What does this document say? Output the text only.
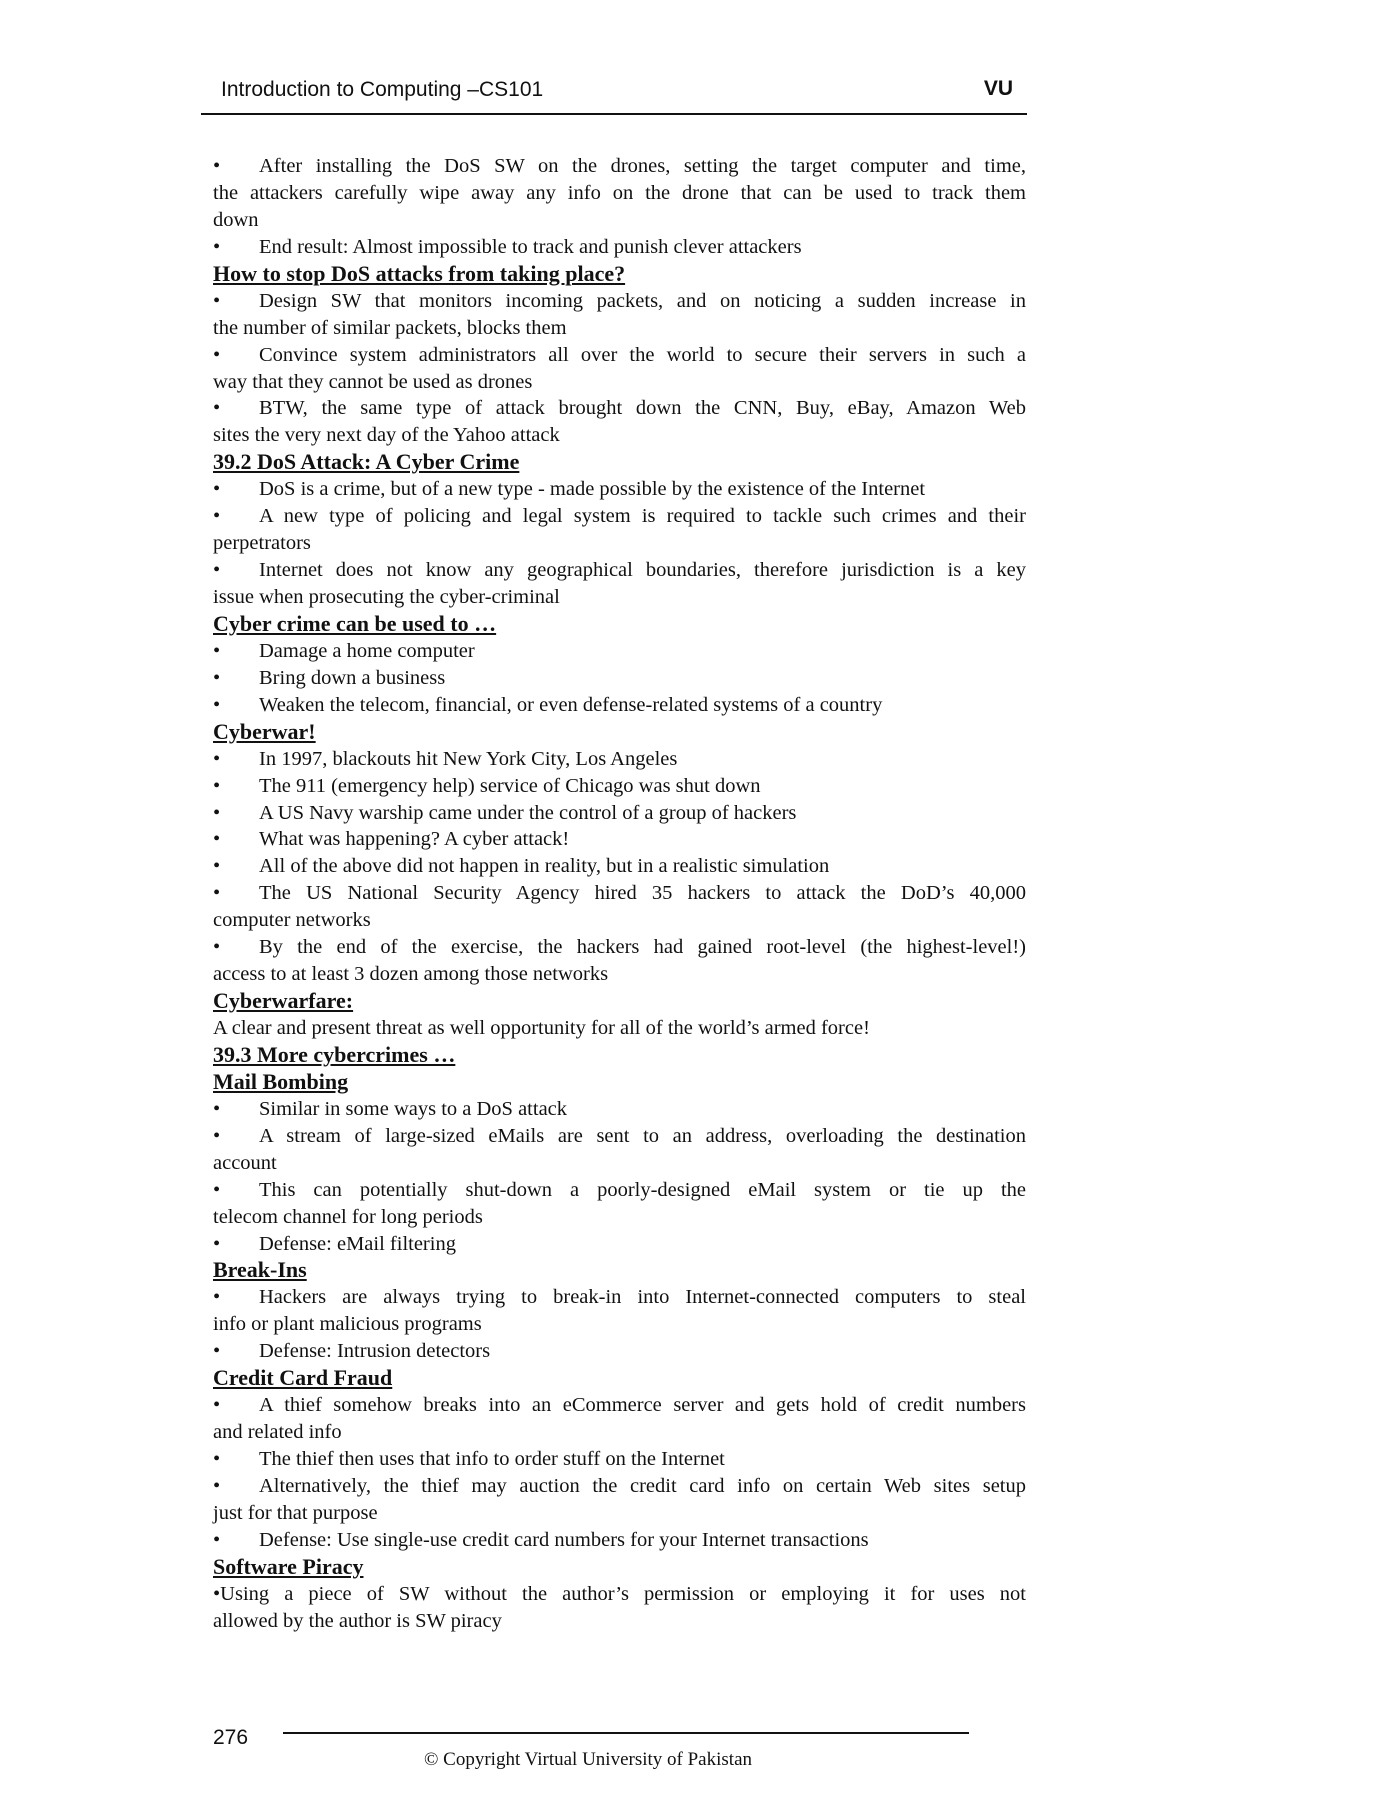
Introduction to Computing –CS101	VU
• After installing the DoS SW on the drones, setting the target computer and time,
the attackers carefully wipe away any info on the drone that can be used to track them
down
• End result: Almost impossible to track and punish clever attackers
How to stop DoS attacks from taking place?
• Design SW that monitors incoming packets, and on noticing a sudden increase in
the number of similar packets, blocks them
• Convince system administrators all over the world to secure their servers in such a
way that they cannot be used as drones
• BTW, the same type of attack brought down the CNN, Buy, eBay, Amazon Web
sites the very next day of the Yahoo attack
39.2 DoS Attack: A Cyber Crime
• DoS is a crime, but of a new type - made possible by the existence of the Internet
• A new type of policing and legal system is required to tackle such crimes and their
perpetrators
• Internet does not know any geographical boundaries, therefore jurisdiction is a key
issue when prosecuting the cyber-criminal
Cyber crime can be used to …
• Damage a home computer
• Bring down a business
• Weaken the telecom, financial, or even defense-related systems of a country
Cyberwar!
• In 1997, blackouts hit New York City, Los Angeles
• The 911 (emergency help) service of Chicago was shut down
• A US Navy warship came under the control of a group of hackers
• What was happening? A cyber attack!
• All of the above did not happen in reality, but in a realistic simulation
• The US National Security Agency hired 35 hackers to attack the DoD’s 40,000
computer networks
• By the end of the exercise, the hackers had gained root-level (the highest-level!)
access to at least 3 dozen among those networks
Cyberwarfare:
A clear and present threat as well opportunity for all of the world’s armed force!
39.3 More cybercrimes …
Mail Bombing
• Similar in some ways to a DoS attack
• A stream of large-sized eMails are sent to an address, overloading the destination
account
• This can potentially shut-down a poorly-designed eMail system or tie up the
telecom channel for long periods
• Defense: eMail filtering
Break-Ins
• Hackers are always trying to break-in into Internet-connected computers to steal
info or plant malicious programs
• Defense: Intrusion detectors
Credit Card Fraud
• A thief somehow breaks into an eCommerce server and gets hold of credit numbers
and related info
• The thief then uses that info to order stuff on the Internet
• Alternatively, the thief may auction the credit card info on certain Web sites setup
just for that purpose
• Defense: Use single-use credit card numbers for your Internet transactions
Software Piracy
•Using a piece of SW without the author’s permission or employing it for uses not
allowed by the author is SW piracy
276
© Copyright Virtual University of Pakistan
